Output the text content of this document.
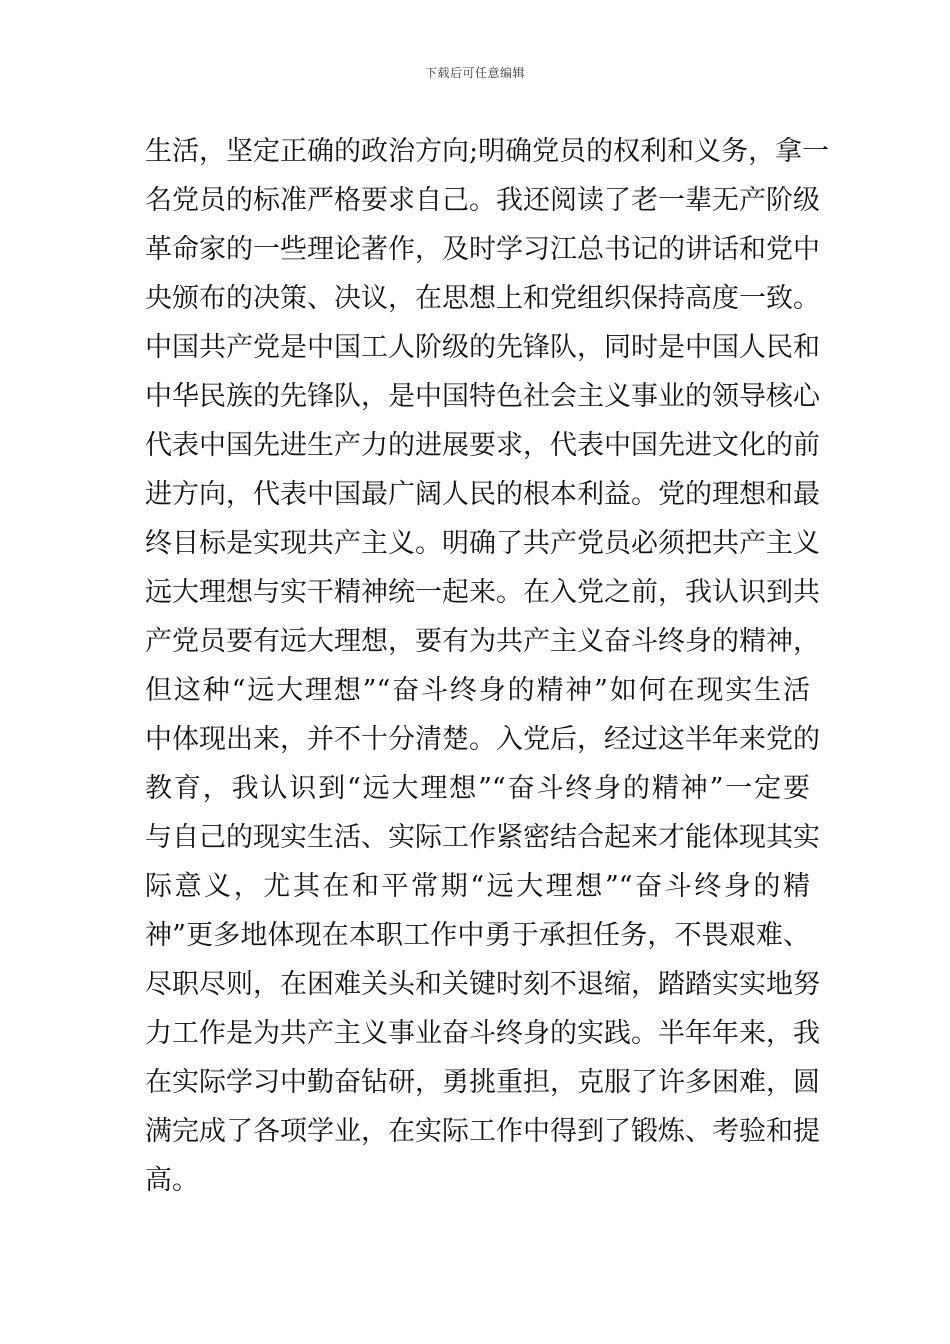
下载后可任意编辑
生活，坚定正确的政治方向;明确党员的权利和义务，拿一
名党员的标准严格要求自己。我还阅读了老一辈无产阶级
革命家的一些理论著作，及时学习江总书记的讲话和党中
央颁布的决策、决议，在思想上和党组织保持高度一致。
中国共产党是中国工人阶级的先锋队，同时是中国人民和
中华民族的先锋队，是中国特色社会主义事业的领导核心
代表中国先进生产力的进展要求，代表中国先进文化的前
进方向，代表中国最广阔人民的根本利益。党的理想和最
终目标是实现共产主义。明确了共产党员必须把共产主义
远大理想与实干精神统一起来。在入党之前，我认识到共
产党员要有远大理想，要有为共产主义奋斗终身的精神，
但这种“远大理想”“奋斗终身的精神”如何在现实生活
中体现出来，并不十分清楚。入党后，经过这半年来党的
教育，我认识到“远大理想”“奋斗终身的精神”一定要
与自己的现实生活、实际工作紧密结合起来才能体现其实
际意义，尤其在和平常期“远大理想”“奋斗终身的精
神”更多地体现在本职工作中勇于承担任务，不畏艰难、
尽职尽则，在困难关头和关键时刻不退缩，踏踏实实地努
力工作是为共产主义事业奋斗终身的实践。半年年来，我
在实际学习中勤奋钻研，勇挑重担，克服了许多困难，圆
满完成了各项学业，在实际工作中得到了锻炼、考验和提
高。
